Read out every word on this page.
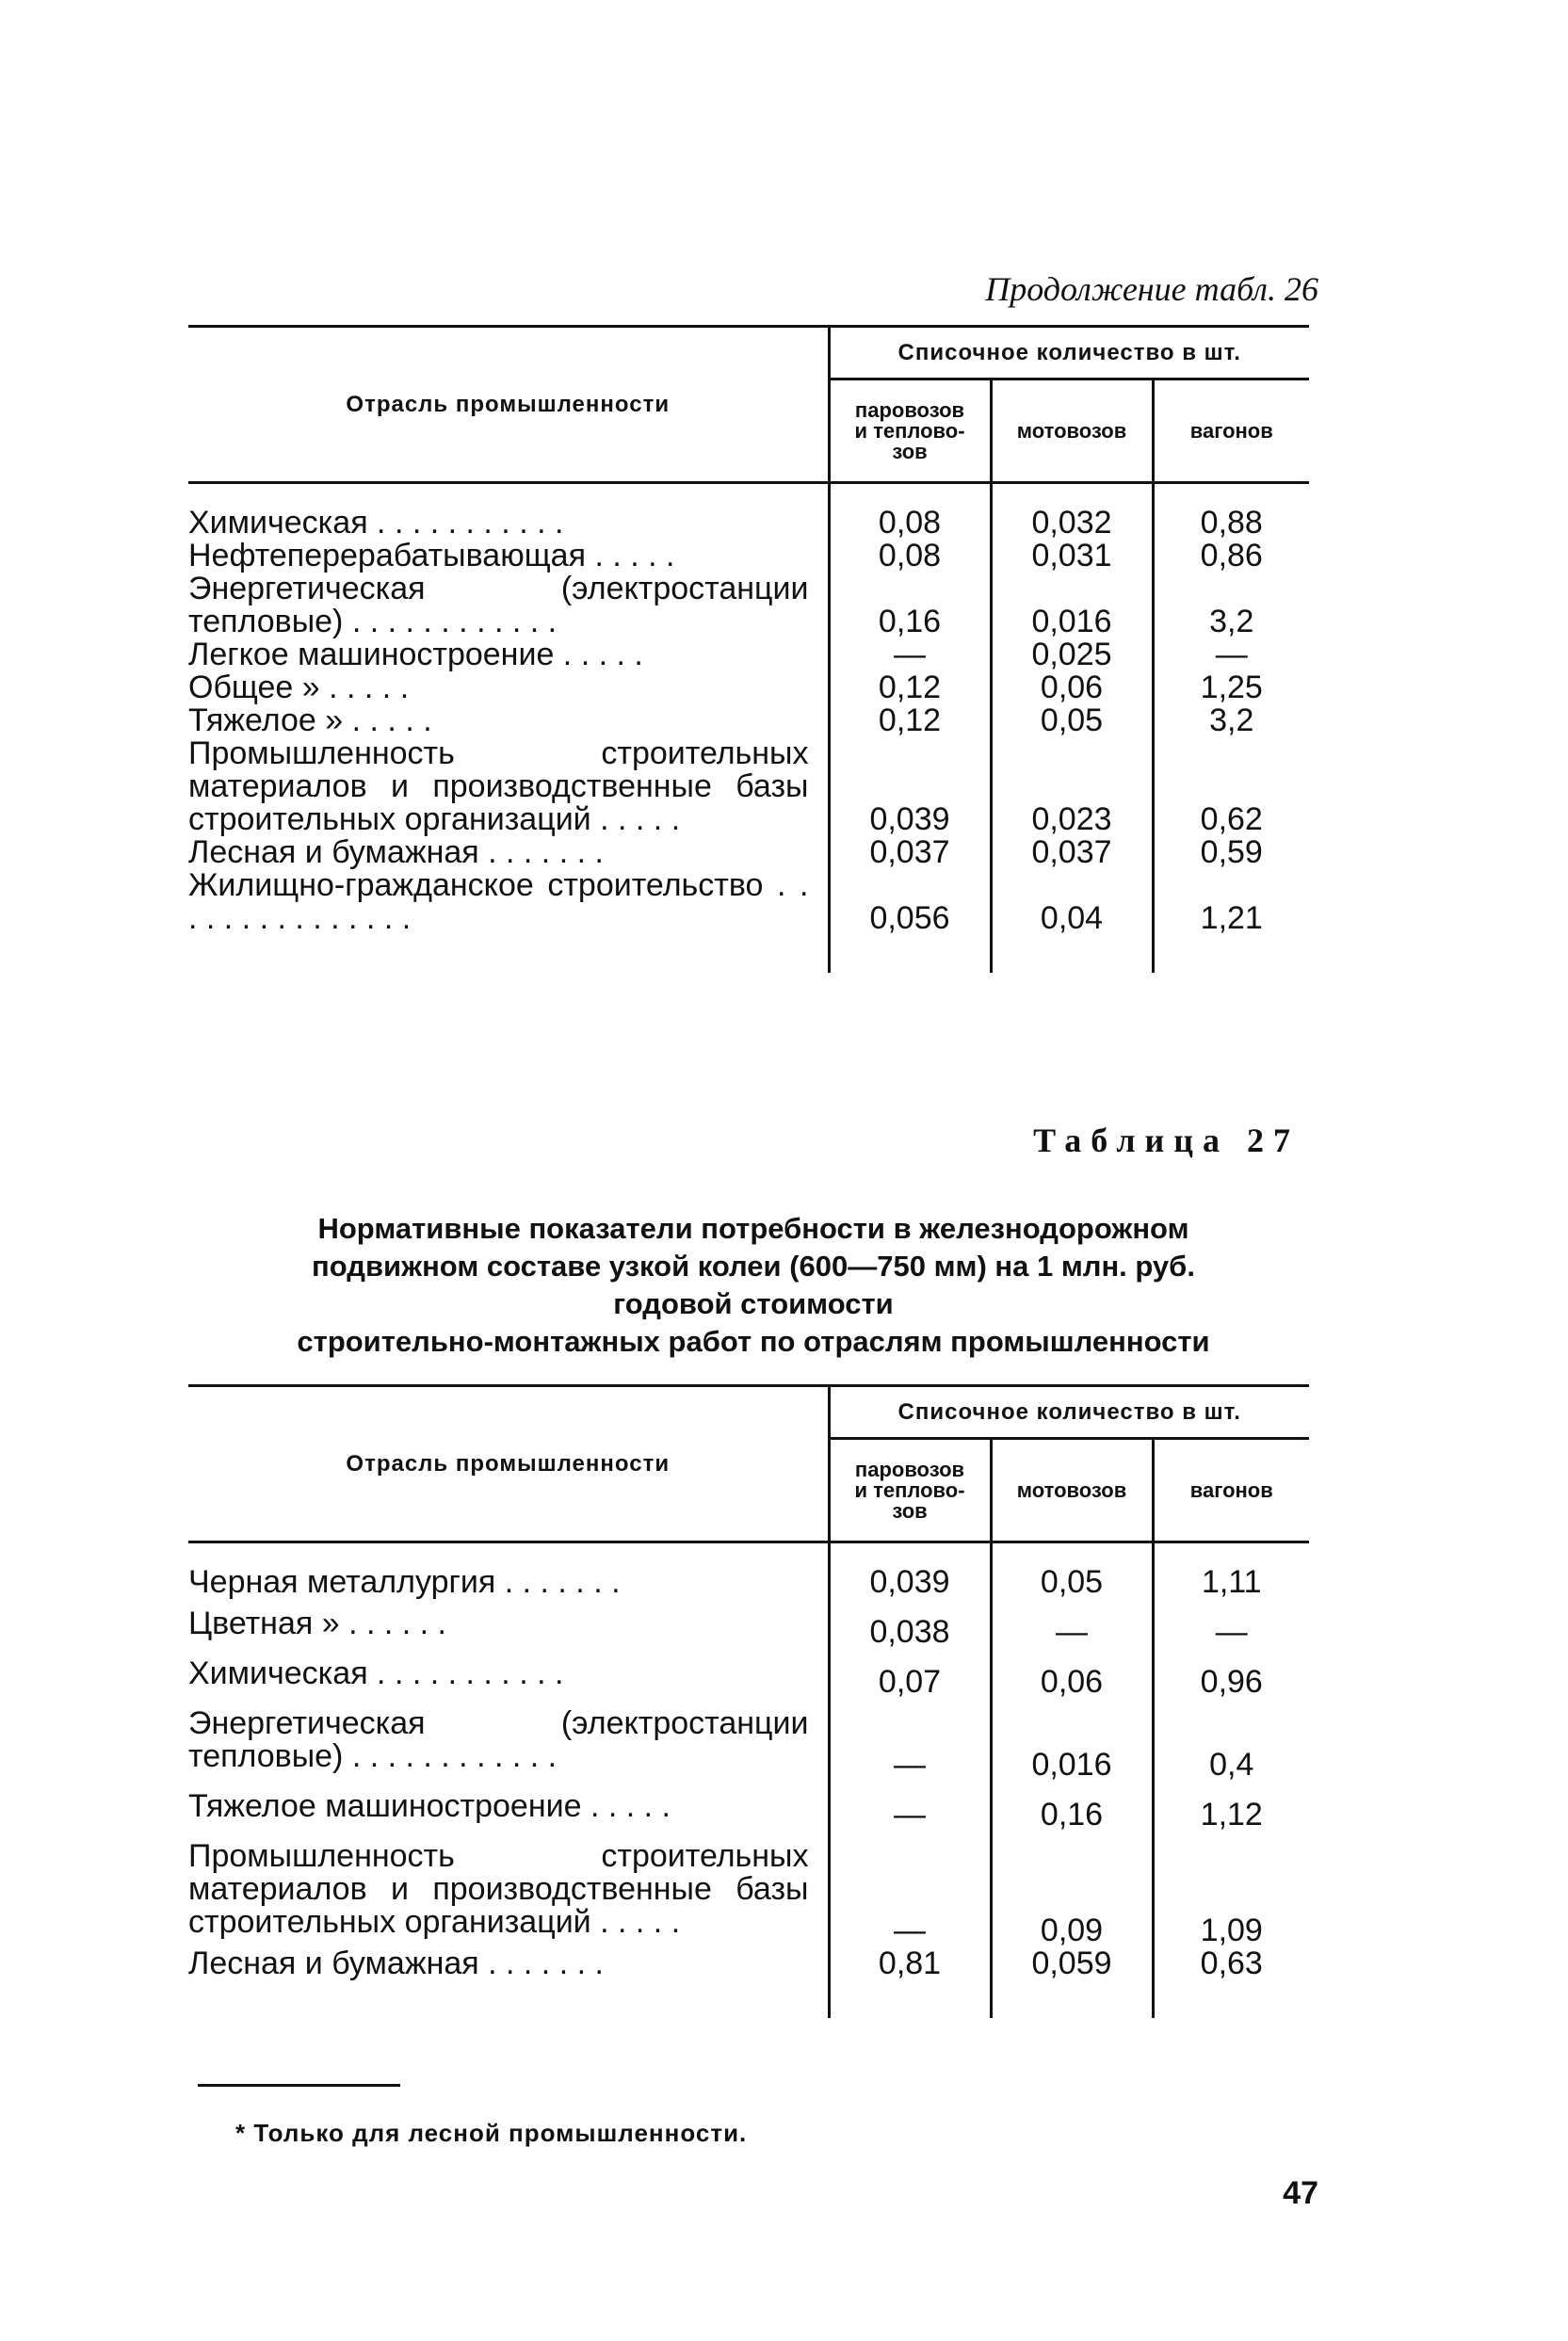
Продолжение табл. 26
Отрасль промышленности	Списочное количество в шт.		
	паровозов
и теплово-
зов	мотовозов	вагонов
Химическая . . . . . . . . . . .	0,08	0,032	0,88
Нефтеперерабатывающая . . . . .	0,08	0,031	0,86
Энергетическая (электростанции тепловые) . . . . . . . . . . . .	0,16	0,016	3,2
Легкое машиностроение . . . . .	—	0,025	—
Общее » . . . . .	0,12	0,06	1,25
Тяжелое » . . . . .	0,12	0,05	3,2
Промышленность строительных материалов и производственные базы строительных организаций . . . . .	0,039	0,023	0,62
Лесная и бумажная . . . . . . .	0,037	0,037	0,59
Жилищно-гражданское строительство . . . . . . . . . . . . . . .	0,056	0,04	1,21
Таблица 27
Нормативные показатели потребности в железнодорожном
подвижном составе узкой колеи (600—750 мм) на 1 млн. руб.
годовой стоимости
строительно-монтажных работ по отраслям промышленности
Отрасль промышленности	Списочное количество в шт.		
	паровозов
и теплово-
зов	мотовозов	вагонов
Черная металлургия . . . . . . .	0,039	0,05	1,11
Цветная » . . . . . .	0,038	—	—
Химическая . . . . . . . . . . .	0,07	0,06	0,96
Энергетическая (электростанции тепловые) . . . . . . . . . . . .	—	0,016	0,4
Тяжелое машиностроение . . . . .	—	0,16	1,12
Промышленность строительных материалов и производственные базы строительных организаций . . . . .	—	0,09	1,09
Лесная и бумажная . . . . . . .	0,81	0,059	0,63
* Только для лесной промышленности.
47
